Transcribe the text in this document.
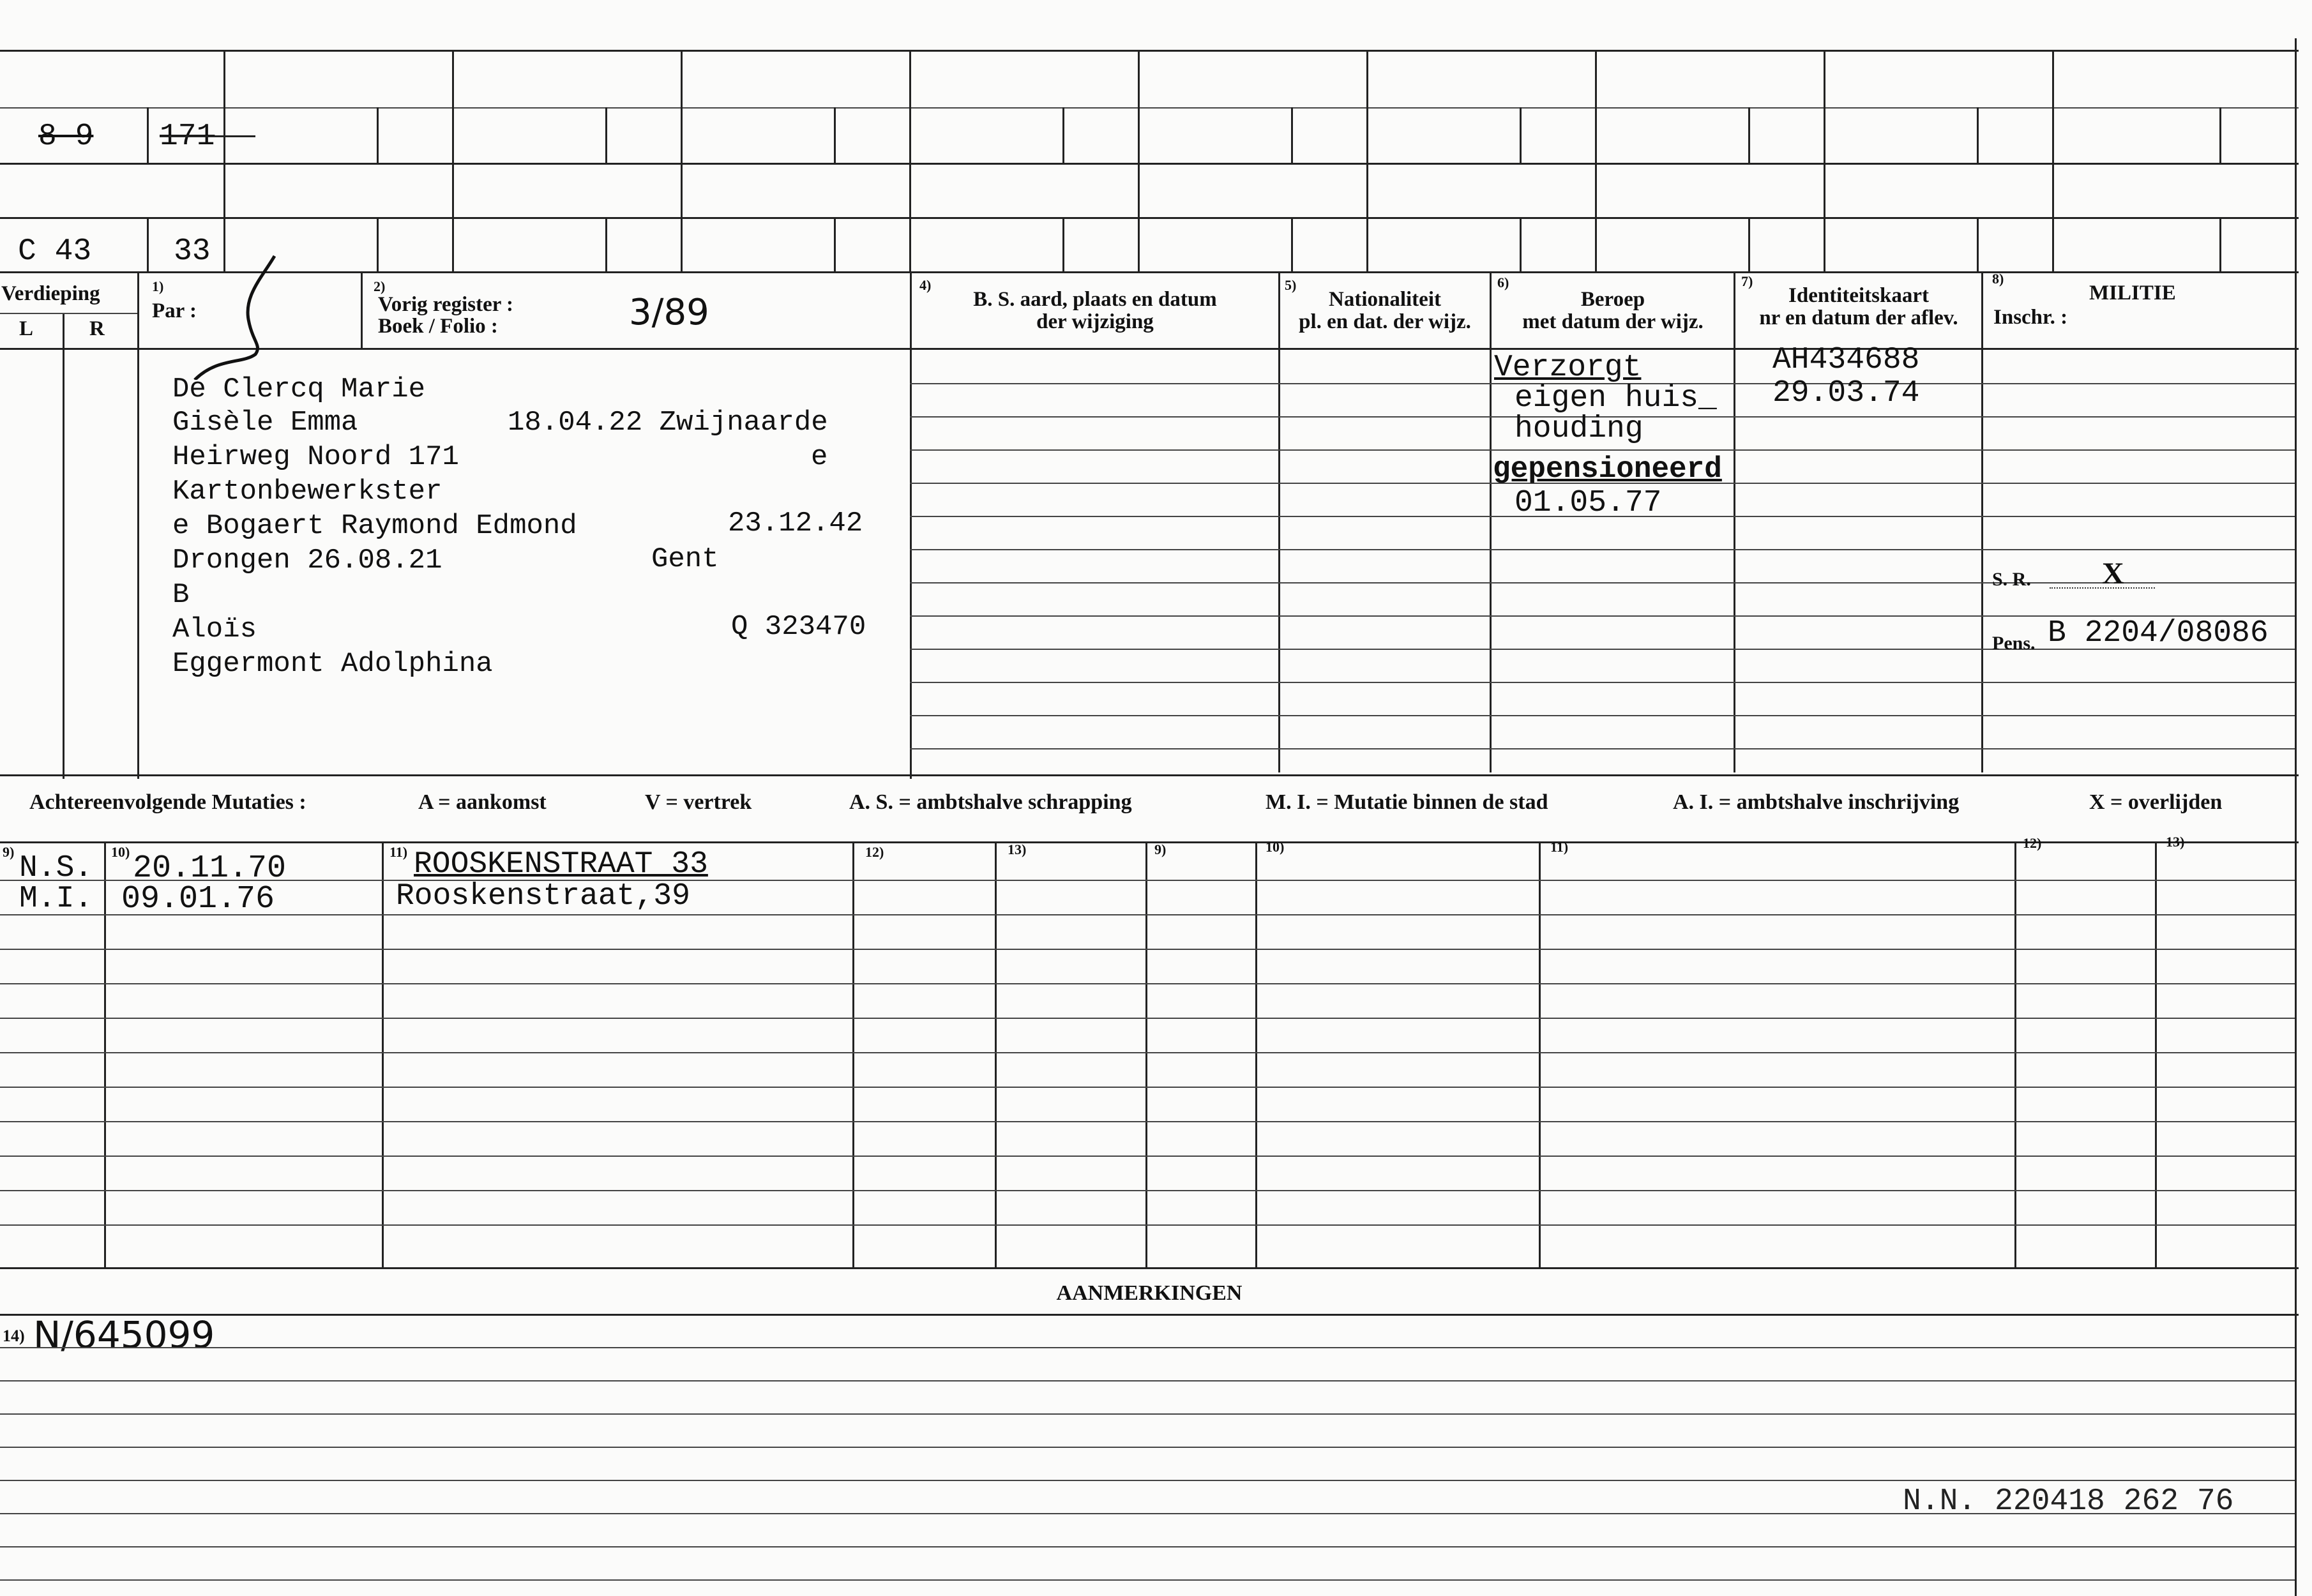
8-9 171
C 43	33
Verdieping
L	R
1)
Par :
2)
Vorig register :
Boek / Folio :	3/89
4)
B. S. aard, plaats en datum
der wijziging
5)
Nationaliteit
pl. en dat. der wijz.
6)
Beroep
met datum der wijz.
7)
Identiteitskaart
nr en datum der aflev.
8)
MILITIE
Inschr. :
De Clercq Marie
Gisèle Emma	18.04.22 Zwijnaarde
Heirweg Noord 171	e
Kartonbewerkster
e Bogaert Raymond Edmond	23.12.42
Drongen 26.08.21	Gent
B
Aloïs	Q 323470
Eggermont Adolphina
Verzorgt
eigen huis_
houding
gepensioneerd
01.05.77
AH434688
29.03.74
S. R. X
Pens. B 2204/08086
Achtereenvolgende Mutaties :	A = aankomst	V = vertrek	A. S. = ambtshalve schrapping	M. I. = Mutatie binnen de stad	A. I. = ambtshalve inschrijving	X = overlijden
9)	10)	11)	12)	13)	9)	10)	11)	12)	13)
N.S. 20.11.70	ROOSKENSTRAAT 33
M.I. 09.01.76	Rooskenstraat,39
AANMERKINGEN
14) N/645099
N.N. 220418 262 76
